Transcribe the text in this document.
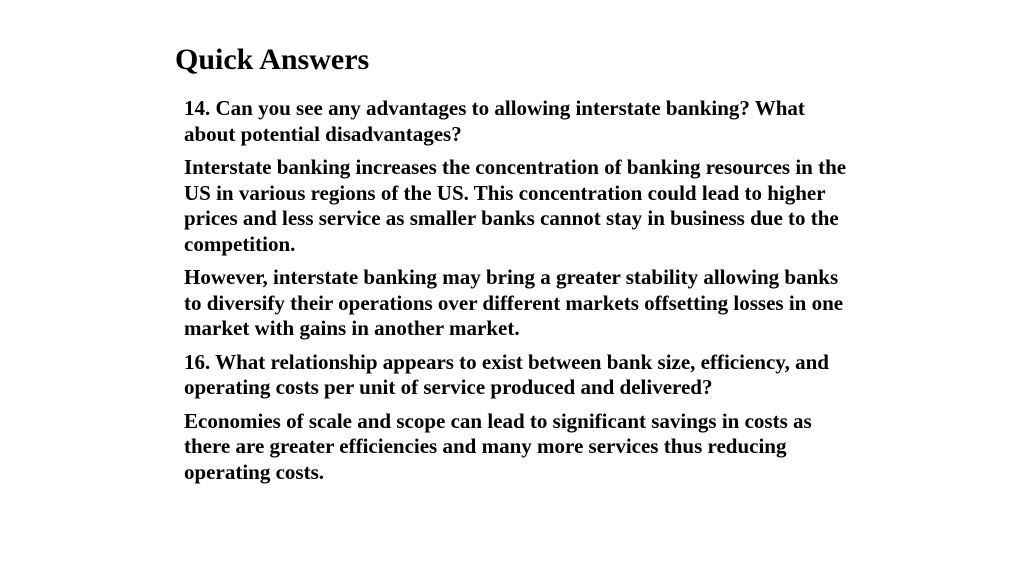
Quick Answers

14. Can you see any advantages to allowing interstate banking? What about potential disadvantages?

Interstate banking increases the concentration of banking resources in the US in various regions of the US. This concentration could lead to higher prices and less service as smaller banks cannot stay in business due to the competition.

However, interstate banking may bring a greater stability allowing banks to diversify their operations over different markets offsetting losses in one market with gains in another market.

16. What relationship appears to exist between bank size, efficiency, and operating costs per unit of service produced and delivered?

Economies of scale and scope can lead to significant savings in costs as there are greater efficiencies and many more services thus reducing operating costs.
